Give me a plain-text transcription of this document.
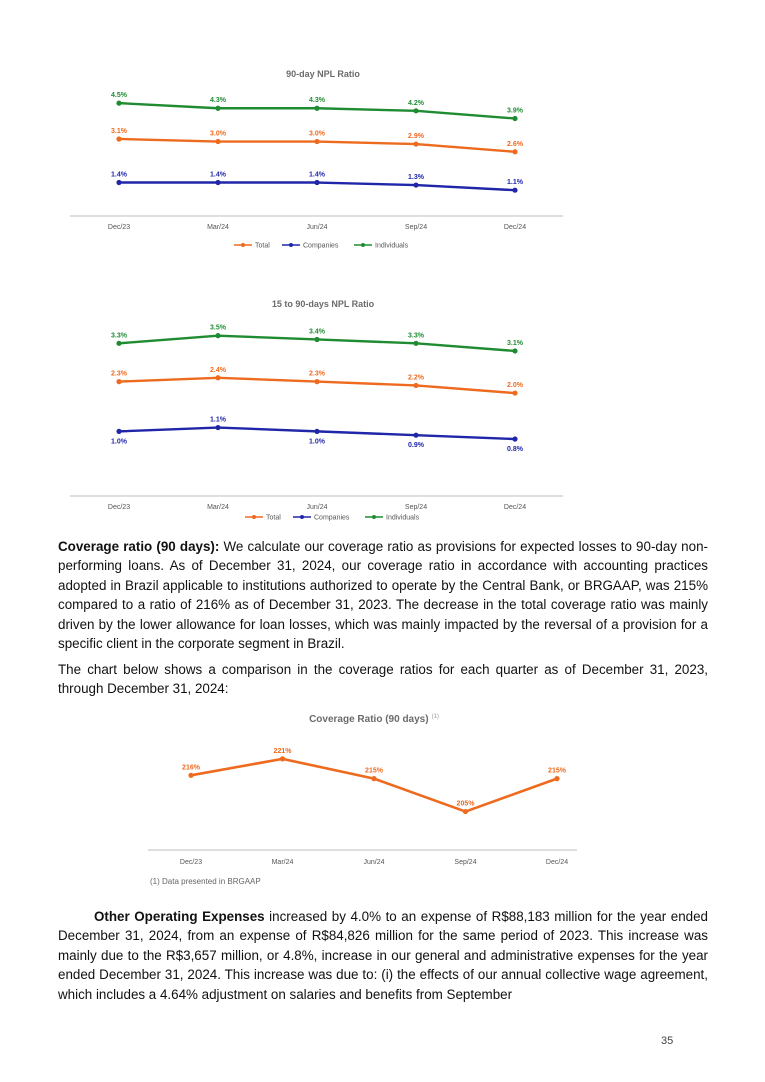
90-day NPL Ratio
Dec/23	Mar/24	Jun/24	Sep/24	Dec/24
4.5%
4.3%	4.3%	4.2%
3.9%
3.1%	3.0%	3.0%	2.9%
2.6%
1.4%	1.4%	1.4%	1.3%
1.1%
Total	Companies	Individuals
15 to 90-days NPL Ratio
Dec/23	Mar/24	Jun/24	Sep/24	Dec/24
3.3%
3.5%
3.4%
3.3%
3.1%
2.3%
2.4%
2.3%
2.2%
2.0%
1.0%
1.1%
1.0%
0.9%
0.8%
Total	Companies	Individuals

Coverage ratio (90 days): We calculate our coverage ratio as provisions for expected losses to 90-day non-performing loans. As of December 31, 2024, our coverage ratio in accordance with accounting practices adopted in Brazil applicable to institutions authorized to operate by the Central Bank, or BRGAAP, was 215% compared to a ratio of 216% as of December 31, 2023. The decrease in the total coverage ratio was mainly driven by the lower allowance for loan losses, which was mainly impacted by the reversal of a provision for a specific client in the corporate segment in Brazil.

The chart below shows a comparison in the coverage ratios for each quarter as of December 31, 2023, through December 31, 2024:

Coverage Ratio (90 days) $^{(1)}$
Dec/23	Mar/24	Jun/24	Sep/24	Dec/24
216%
221%
215%
205%
215%
(1) Data presented in BRGAAP

Other Operating Expenses increased by 4.0% to an expense of R$88,183 million for the year ended December 31, 2024, from an expense of R$84,826 million for the same period of 2023. This increase was mainly due to the R$3,657 million, or 4.8%, increase in our general and administrative expenses for the year ended December 31, 2024. This increase was due to: (i) the effects of our annual collective wage agreement, which includes a 4.64% adjustment on salaries and benefits from September

35
